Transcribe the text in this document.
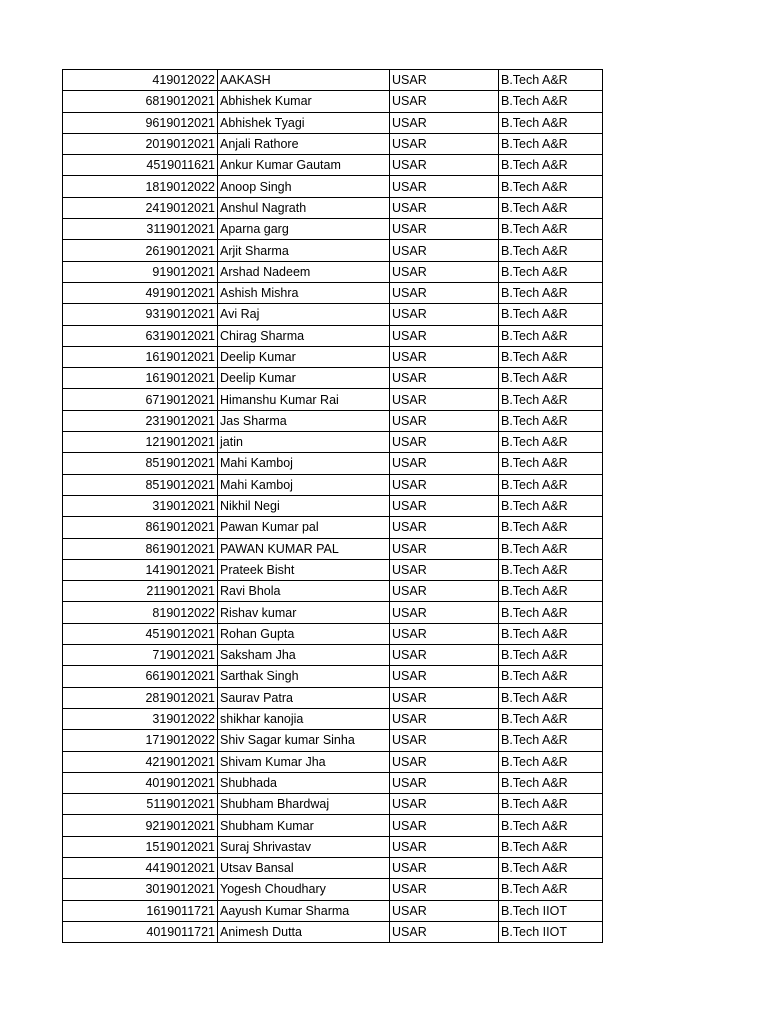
419012022	AAKASH	USAR	B.Tech A&R
6819012021	Abhishek Kumar	USAR	B.Tech A&R
9619012021	Abhishek Tyagi	USAR	B.Tech A&R
2019012021	Anjali Rathore	USAR	B.Tech A&R
4519011621	Ankur Kumar Gautam	USAR	B.Tech A&R
1819012022	Anoop Singh	USAR	B.Tech A&R
2419012021	Anshul Nagrath	USAR	B.Tech A&R
3119012021	Aparna garg	USAR	B.Tech A&R
2619012021	Arjit Sharma	USAR	B.Tech A&R
919012021	Arshad Nadeem	USAR	B.Tech A&R
4919012021	Ashish Mishra	USAR	B.Tech A&R
9319012021	Avi Raj	USAR	B.Tech A&R
6319012021	Chirag Sharma	USAR	B.Tech A&R
1619012021	Deelip Kumar	USAR	B.Tech A&R
1619012021	Deelip Kumar	USAR	B.Tech A&R
6719012021	Himanshu Kumar Rai	USAR	B.Tech A&R
2319012021	Jas Sharma	USAR	B.Tech A&R
1219012021	jatin	USAR	B.Tech A&R
8519012021	Mahi Kamboj	USAR	B.Tech A&R
8519012021	Mahi Kamboj	USAR	B.Tech A&R
319012021	Nikhil Negi	USAR	B.Tech A&R
8619012021	Pawan Kumar pal	USAR	B.Tech A&R
8619012021	PAWAN KUMAR PAL	USAR	B.Tech A&R
1419012021	Prateek Bisht	USAR	B.Tech A&R
2119012021	Ravi Bhola	USAR	B.Tech A&R
819012022	Rishav kumar	USAR	B.Tech A&R
4519012021	Rohan Gupta	USAR	B.Tech A&R
719012021	Saksham Jha	USAR	B.Tech A&R
6619012021	Sarthak Singh	USAR	B.Tech A&R
2819012021	Saurav Patra	USAR	B.Tech A&R
319012022	shikhar kanojia	USAR	B.Tech A&R
1719012022	Shiv Sagar kumar Sinha	USAR	B.Tech A&R
4219012021	Shivam Kumar Jha	USAR	B.Tech A&R
4019012021	Shubhada	USAR	B.Tech A&R
5119012021	Shubham Bhardwaj	USAR	B.Tech A&R
9219012021	Shubham Kumar	USAR	B.Tech A&R
1519012021	Suraj Shrivastav	USAR	B.Tech A&R
4419012021	Utsav Bansal	USAR	B.Tech A&R
3019012021	Yogesh Choudhary	USAR	B.Tech A&R
1619011721	Aayush Kumar Sharma	USAR	B.Tech IIOT
4019011721	Animesh Dutta	USAR	B.Tech IIOT
